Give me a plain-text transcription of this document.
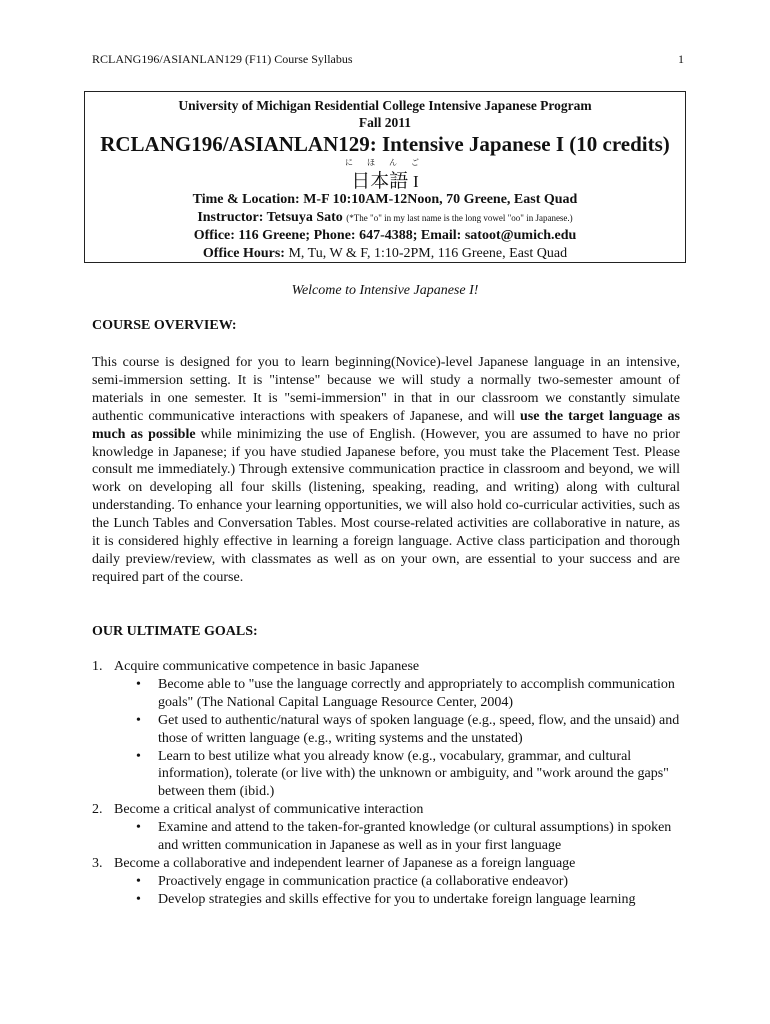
RCLANG196/ASIANLAN129 (F11) Course Syllabus	1
University of Michigan Residential College Intensive Japanese Program
Fall 2011
RCLANG196/ASIANLAN129: Intensive Japanese I (10 credits)
に ほ ん ご
日本語 I
Time & Location: M-F 10:10AM-12Noon, 70 Greene, East Quad
Instructor: Tetsuya Sato (*The "o" in my last name is the long vowel "oo" in Japanese.)
Office: 116 Greene; Phone: 647-4388; Email: satoot@umich.edu
Office Hours: M, Tu, W & F, 1:10-2PM, 116 Greene, East Quad
Welcome to Intensive Japanese I!
COURSE OVERVIEW:

This course is designed for you to learn beginning(Novice)-level Japanese language in an intensive, semi-immersion setting. It is "intense" because we will study a normally two-semester amount of materials in one semester. It is "semi-immersion" in that in our classroom we constantly simulate authentic communicative interactions with speakers of Japanese, and will use the target language as much as possible while minimizing the use of English. (However, you are assumed to have no prior knowledge in Japanese; if you have studied Japanese before, you must take the Placement Test. Please consult me immediately.) Through extensive communication practice in classroom and beyond, we will work on developing all four skills (listening, speaking, reading, and writing) along with cultural understanding. To enhance your learning opportunities, we will also hold co-curricular activities, such as the Lunch Tables and Conversation Tables. Most course-related activities are collaborative in nature, as it is considered highly effective in learning a foreign language. Active class participation and thorough daily preview/review, with classmates as well as on your own, are essential to your success and are required part of the course.

OUR ULTIMATE GOALS:
1. Acquire communicative competence in basic Japanese
•	Become able to "use the language correctly and appropriately to accomplish communication goals" (The National Capital Language Resource Center, 2004)
•	Get used to authentic/natural ways of spoken language (e.g., speed, flow, and the unsaid) and those of written language (e.g., writing systems and the unstated)
•	Learn to best utilize what you already know (e.g., vocabulary, grammar, and cultural information), tolerate (or live with) the unknown or ambiguity, and "work around the gaps" between them (ibid.)
2. Become a critical analyst of communicative interaction
•	Examine and attend to the taken-for-granted knowledge (or cultural assumptions) in spoken and written communication in Japanese as well as in your first language
3. Become a collaborative and independent learner of Japanese as a foreign language
•	Proactively engage in communication practice (a collaborative endeavor)
•	Develop strategies and skills effective for you to undertake foreign language learning
